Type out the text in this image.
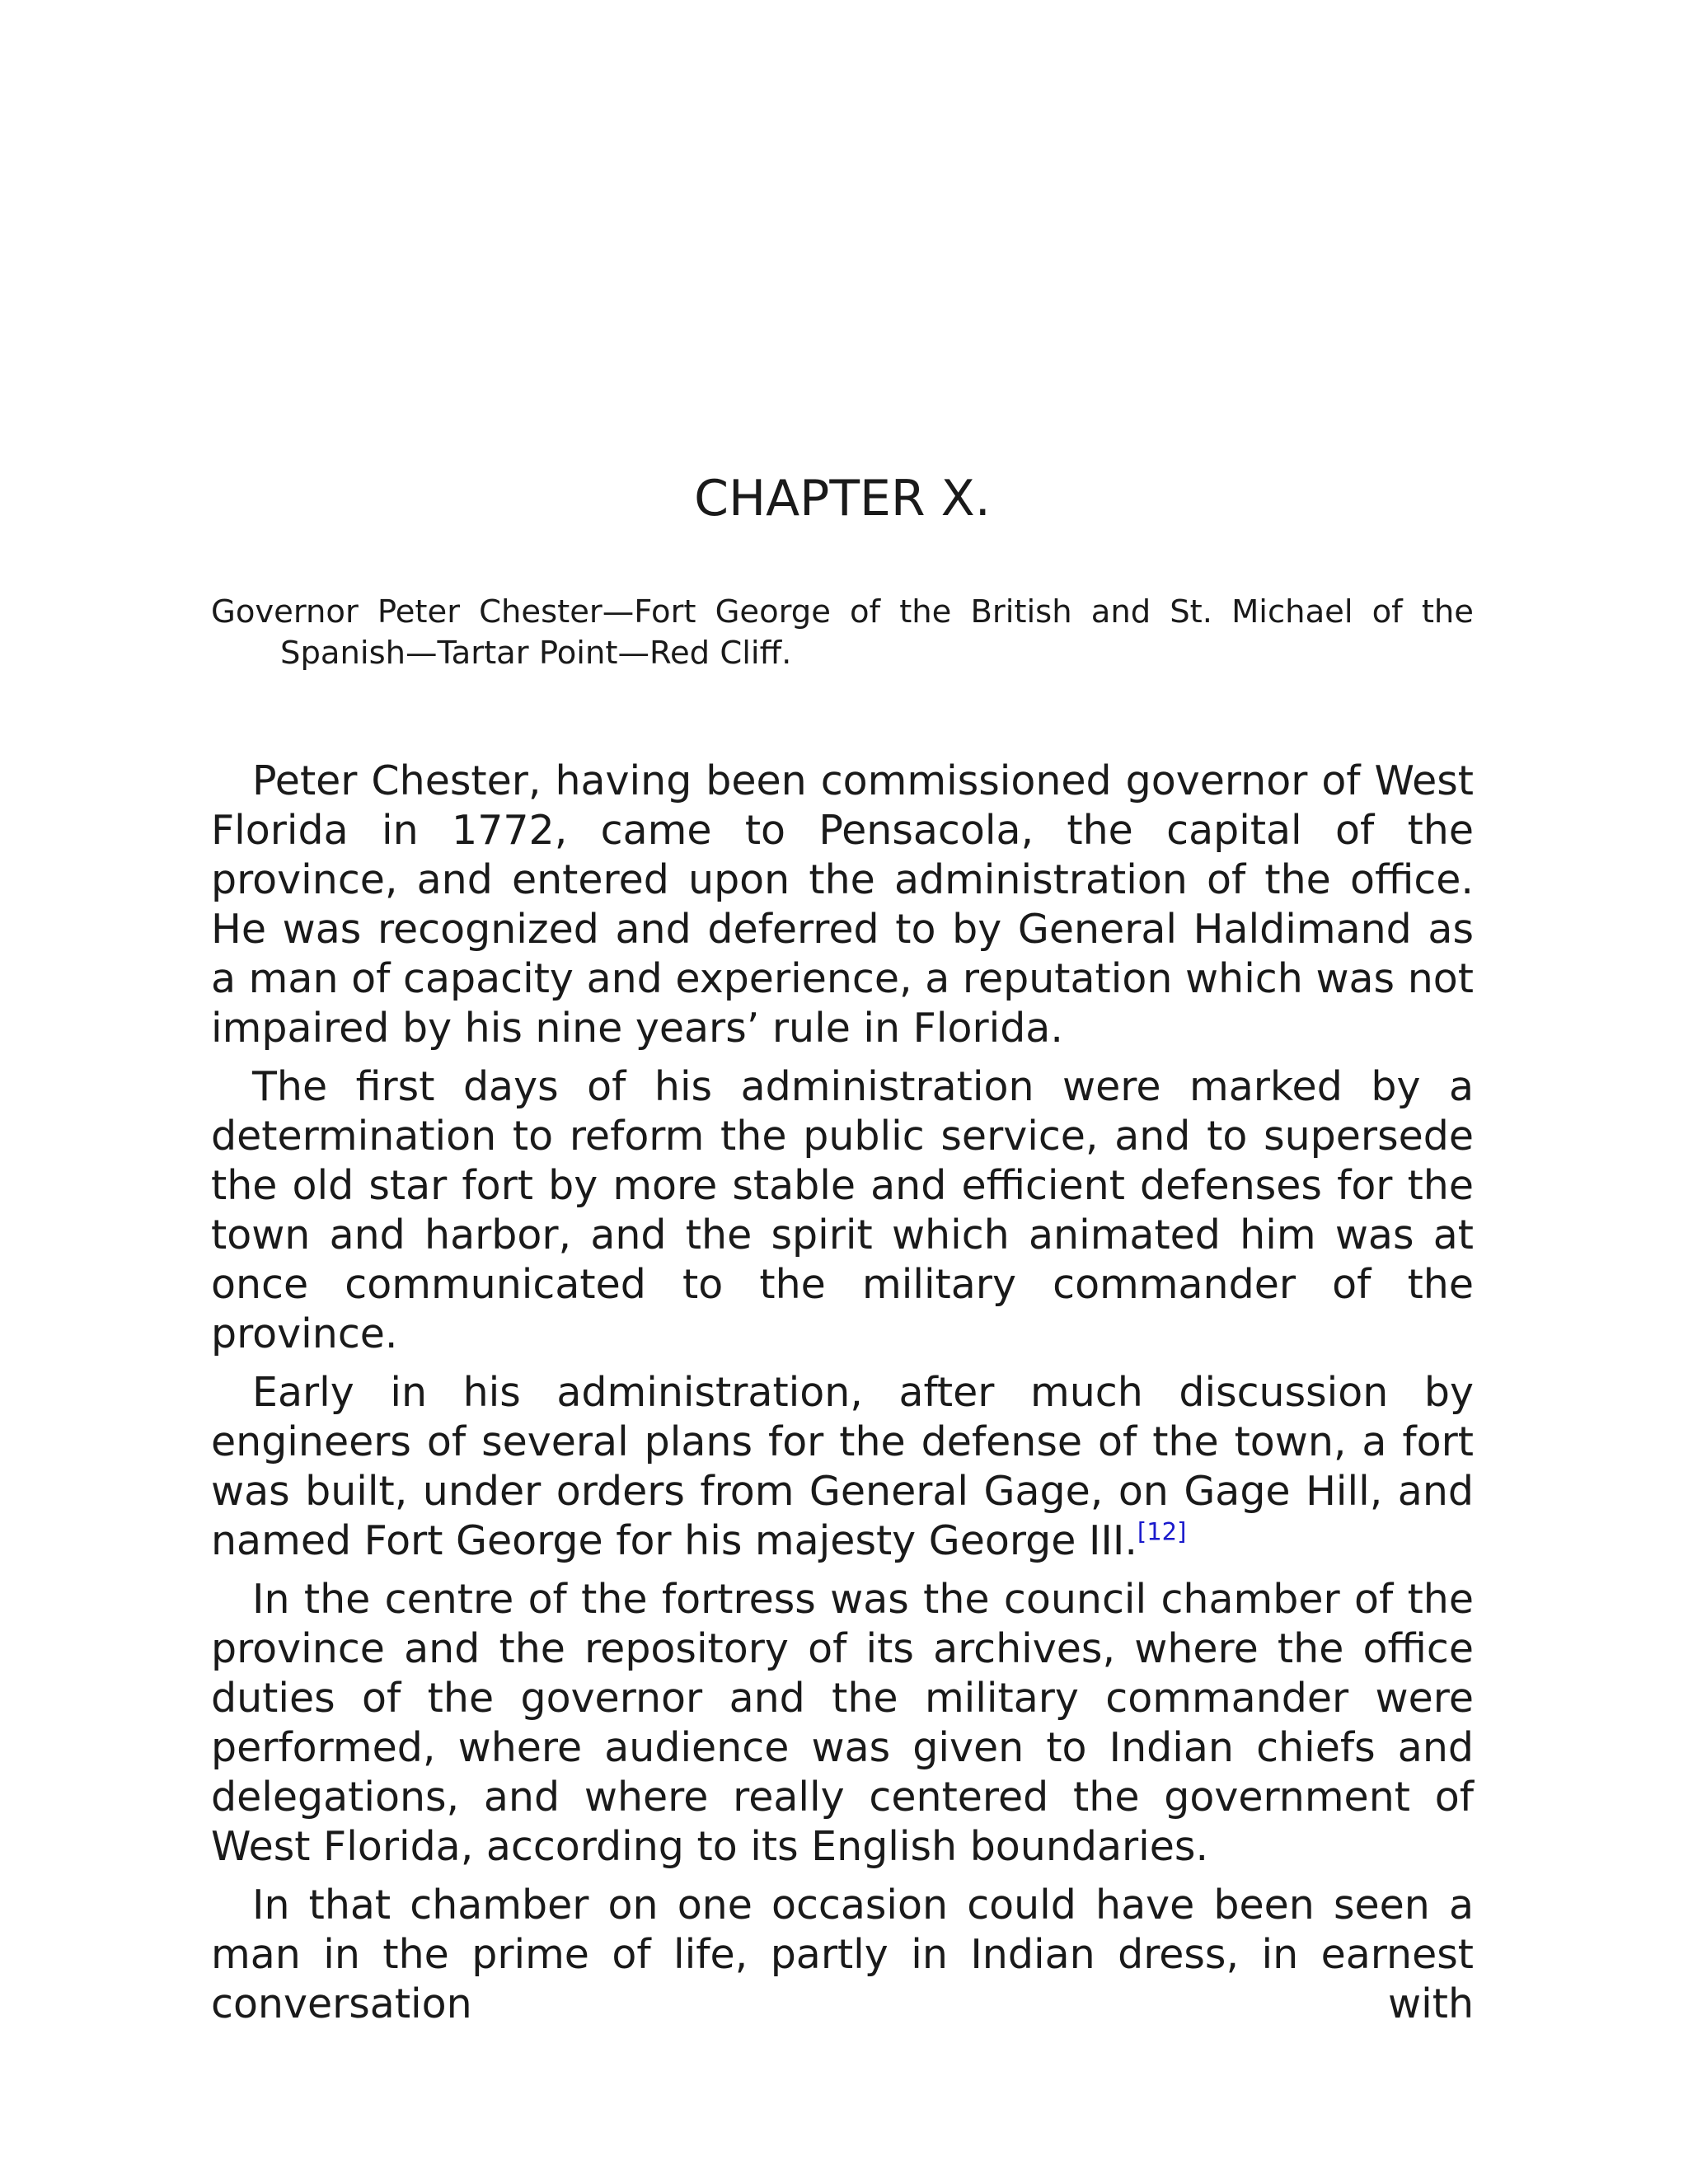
CHAPTER X.
Governor Peter Chester—Fort George of the British and St. Michael of the Spanish—Tartar Point—Red Cliff.

Peter Chester, having been commissioned governor of West Florida in 1772, came to Pensacola, the capital of the province, and entered upon the administration of the office. He was recognized and deferred to by General Haldimand as a man of capacity and experience, a reputation which was not impaired by his nine years’ rule in Florida.

The first days of his administration were marked by a determination to reform the public service, and to supersede the old star fort by more stable and efficient defenses for the town and harbor, and the spirit which animated him was at once communicated to the military commander of the province.

Early in his administration, after much discussion by engineers of several plans for the defense of the town, a fort was built, under orders from General Gage, on Gage Hill, and named Fort George for his majesty George III.[12]

In the centre of the fortress was the council chamber of the province and the repository of its archives, where the office duties of the governor and the military commander were performed, where audience was given to Indian chiefs and delegations, and where really centered the government of West Florida, according to its English boundaries.

In that chamber on one occasion could have been seen a man in the prime of life, partly in Indian dress, in earnest conversation with
